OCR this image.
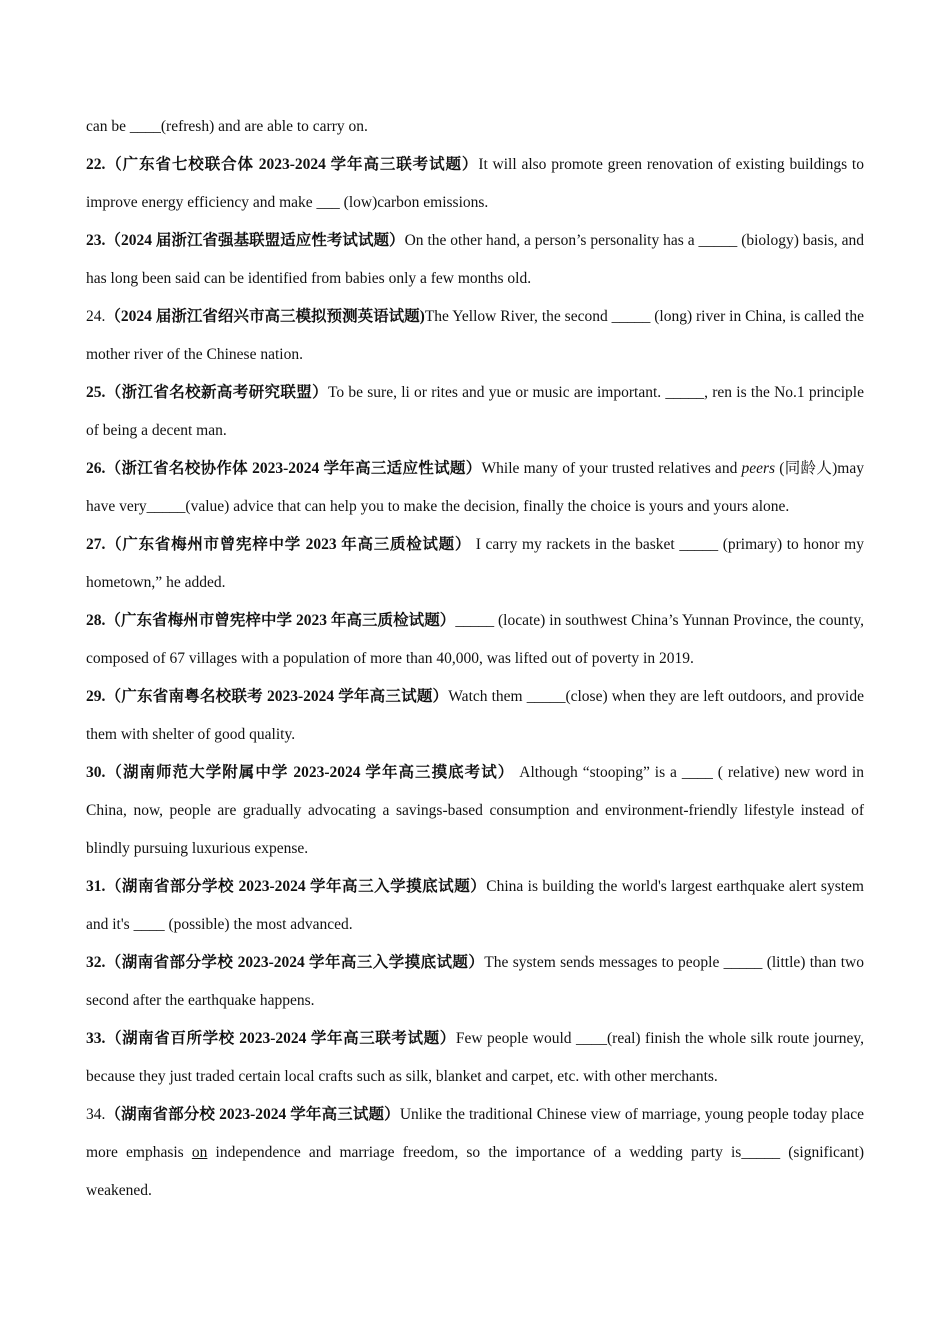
can be ____(refresh) and are able to carry on.

22.（广东省七校联合体 2023-2024 学年高三联考试题）It will also promote green renovation of existing buildings to improve energy efficiency and make ___ (low)carbon emissions.

23.（2024 届浙江省强基联盟适应性考试试题）On the other hand, a person’s personality has a _____ (biology) basis, and has long been said can be identified from babies only a few months old.

24.（2024 届浙江省绍兴市高三模拟预测英语试题)The Yellow River, the second _____ (long) river in China, is called the mother river of the Chinese nation.

25.（浙江省名校新高考研究联盟）To be sure, li or rites and yue or music are important. _____, ren is the No.1 principle of being a decent man.

26.（浙江省名校协作体 2023-2024 学年高三适应性试题）While many of your trusted relatives and peers (同龄人)may have very_____(value) advice that can help you to make the decision, finally the choice is yours and yours alone.

27.（广东省梅州市曾宪梓中学 2023 年高三质检试题） I carry my rackets in the basket _____ (primary) to honor my hometown,” he added.

28.（广东省梅州市曾宪梓中学 2023 年高三质检试题）_____ (locate) in southwest China’s Yunnan Province, the county, composed of 67 villages with a population of more than 40,000, was lifted out of poverty in 2019.

29.（广东省南粤名校联考 2023-2024 学年高三试题）Watch them _____(close) when they are left outdoors, and provide them with shelter of good quality.

30.（湖南师范大学附属中学 2023-2024 学年高三摸底考试） Although “stooping” is a ____ ( relative) new word in China, now, people are gradually advocating a savings-based consumption and environment-friendly lifestyle instead of blindly pursuing luxurious expense.

31.（湖南省部分学校 2023-2024 学年高三入学摸底试题）China is building the world's largest earthquake alert system and it's ____ (possible) the most advanced.

32.（湖南省部分学校 2023-2024 学年高三入学摸底试题）The system sends messages to people _____ (little) than two second after the earthquake happens.

33.（湖南省百所学校 2023-2024 学年高三联考试题）Few people would ____(real) finish the whole silk route journey, because they just traded certain local crafts such as silk, blanket and carpet, etc. with other merchants.

34.（湖南省部分校 2023-2024 学年高三试题）Unlike the traditional Chinese view of marriage, young people today place more emphasis on independence and marriage freedom, so the importance of a wedding party is_____ (significant) weakened.
